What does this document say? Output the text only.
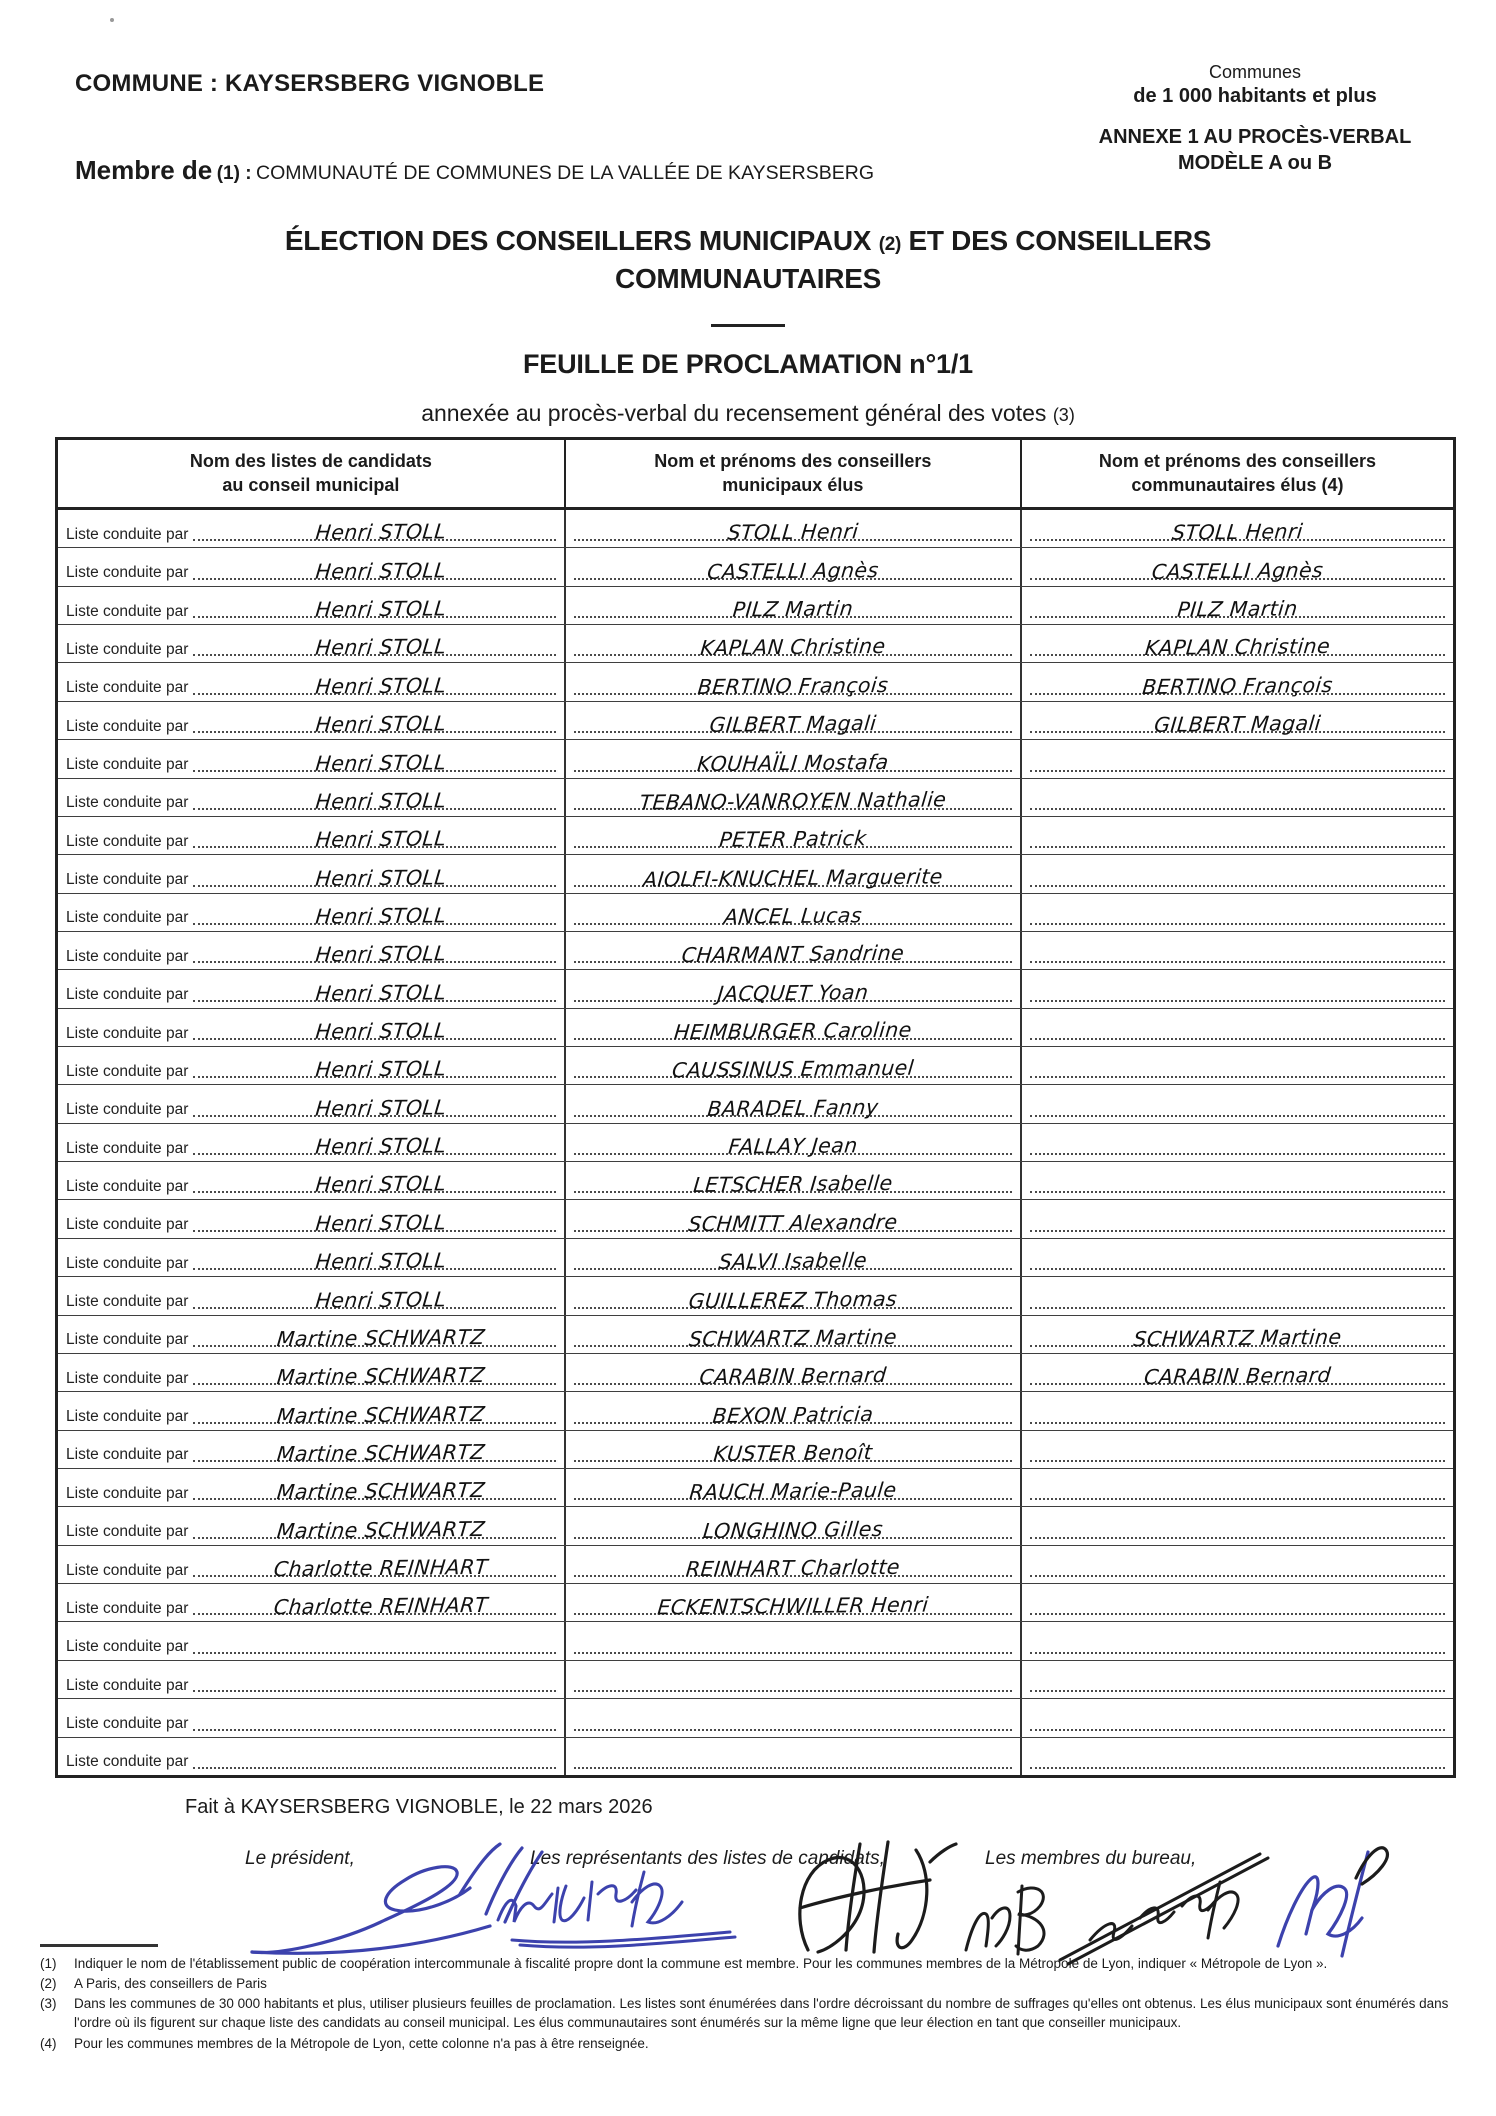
COMMUNE : KAYSERSBERG VIGNOBLE
Membre de (1) : COMMUNAUTÉ DE COMMUNES DE LA VALLÉE DE KAYSERSBERG
Communes
de 1 000 habitants et plus
ANNEXE 1 AU PROCÈS-VERBAL
MODÈLE A ou B
ÉLECTION DES CONSEILLERS MUNICIPAUX (2) ET DES CONSEILLERS
COMMUNAUTAIRES
FEUILLE DE PROCLAMATION n°1/1
annexée au procès-verbal du recensement général des votes (3)
Nom des listes de candidats
au conseil municipal
Nom et prénoms des conseillers
municipaux élus
Nom et prénoms des conseillers
communautaires élus (4)
Liste conduite par	Henri STOLL	STOLL Henri	STOLL Henri
Liste conduite par	Henri STOLL	CASTELLI Agnès	CASTELLI Agnès
Liste conduite par	Henri STOLL	PILZ Martin	PILZ Martin
Liste conduite par	Henri STOLL	KAPLAN Christine	KAPLAN Christine
Liste conduite par	Henri STOLL	BERTINO François	BERTINO François
Liste conduite par	Henri STOLL	GILBERT Magali	GILBERT Magali
Liste conduite par	Henri STOLL	KOUHAÏLI Mostafa
Liste conduite par	Henri STOLL	TEBANO-VANROYEN Nathalie
Liste conduite par	Henri STOLL	PETER Patrick
Liste conduite par	Henri STOLL	AIOLFI-KNUCHEL Marguerite
Liste conduite par	Henri STOLL	ANCEL Lucas
Liste conduite par	Henri STOLL	CHARMANT Sandrine
Liste conduite par	Henri STOLL	JACQUET Yoan
Liste conduite par	Henri STOLL	HEIMBURGER Caroline
Liste conduite par	Henri STOLL	CAUSSINUS Emmanuel
Liste conduite par	Henri STOLL	BARADEL Fanny
Liste conduite par	Henri STOLL	FALLAY Jean
Liste conduite par	Henri STOLL	LETSCHER Isabelle
Liste conduite par	Henri STOLL	SCHMITT Alexandre
Liste conduite par	Henri STOLL	SALVI Isabelle
Liste conduite par	Henri STOLL	GUILLEREZ Thomas
Liste conduite par	Martine SCHWARTZ	SCHWARTZ Martine	SCHWARTZ Martine
Liste conduite par	Martine SCHWARTZ	CARABIN Bernard	CARABIN Bernard
Liste conduite par	Martine SCHWARTZ	BEXON Patricia
Liste conduite par	Martine SCHWARTZ	KUSTER Benoît
Liste conduite par	Martine SCHWARTZ	RAUCH Marie-Paule
Liste conduite par	Martine SCHWARTZ	LONGHINO Gilles
Liste conduite par	Charlotte REINHART	REINHART Charlotte
Liste conduite par	Charlotte REINHART	ECKENTSCHWILLER Henri
Liste conduite par
Liste conduite par
Liste conduite par
Liste conduite par
Fait à KAYSERSBERG VIGNOBLE, le 22 mars 2026
Le président,	Les représentants des listes de candidats,	Les membres du bureau,
(1)	Indiquer le nom de l'établissement public de coopération intercommunale à fiscalité propre dont la commune est membre. Pour les communes membres de la Métropole de Lyon, indiquer « Métropole de Lyon ».
(2)	A Paris, des conseillers de Paris
(3)	Dans les communes de 30 000 habitants et plus, utiliser plusieurs feuilles de proclamation. Les listes sont énumérées dans l'ordre décroissant du nombre de suffrages qu'elles ont obtenus. Les élus municipaux sont énumérés dans l'ordre où ils figurent sur chaque liste des candidats au conseil municipal. Les élus communautaires sont énumérés sur la même ligne que leur élection en tant que conseiller municipaux.
(4)	Pour les communes membres de la Métropole de Lyon, cette colonne n'a pas à être renseignée.
